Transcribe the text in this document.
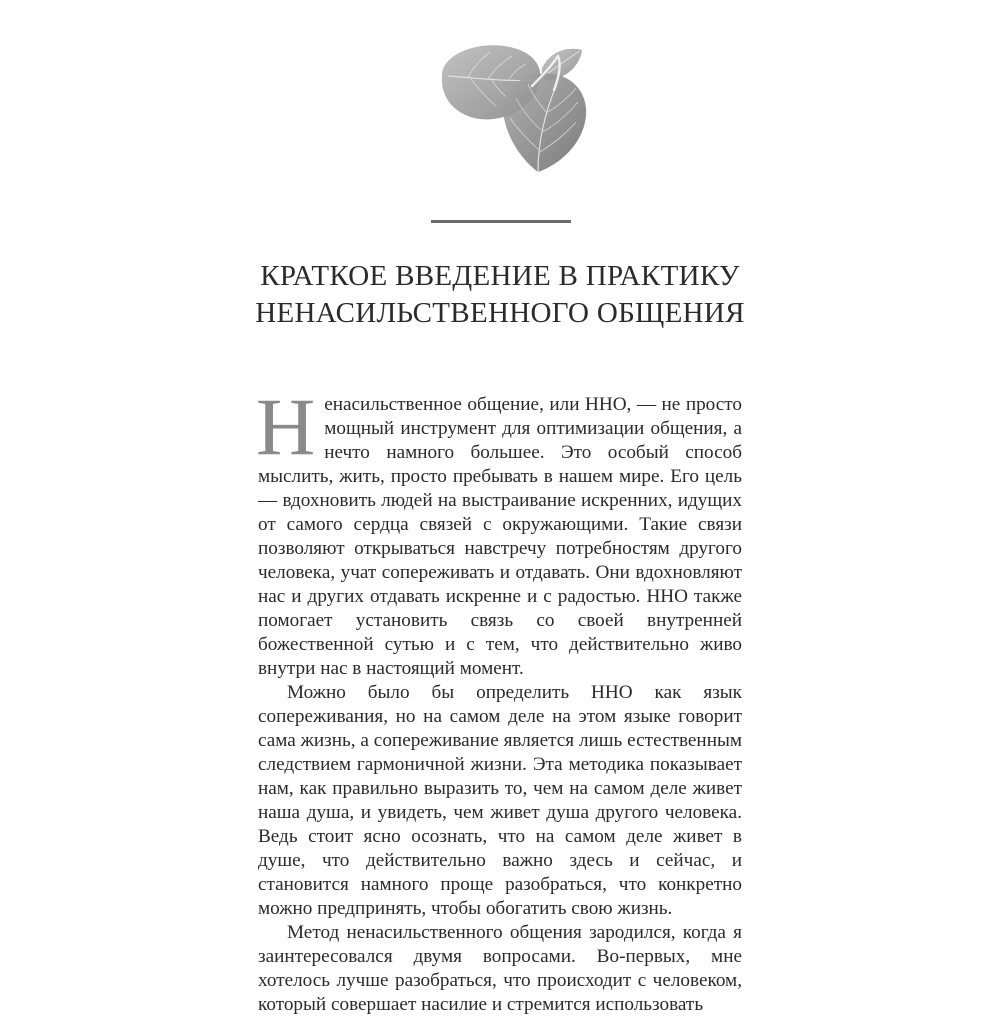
КРАТКОЕ ВВЕДЕНИЕ В ПРАКТИКУ
НЕНАСИЛЬСТВЕННОГО ОБЩЕНИЯ

Ненасильственное общение, или ННО, — не просто мощный инструмент для оптимизации общения, а нечто намного большее. Это особый способ мыслить, жить, просто пребывать в нашем мире. Его цель — вдохновить людей на выстраивание искренних, идущих от самого сердца связей с окружающими. Такие связи позволяют открываться навстречу потребностям другого человека, учат сопереживать и отдавать. Они вдохновляют нас и других отдавать искренне и с радостью. ННО также помогает установить связь со своей внутренней божественной сутью и с тем, что действительно живо внутри нас в настоящий момент.

Можно было бы определить ННО как язык сопереживания, но на самом деле на этом языке говорит сама жизнь, а сопереживание является лишь естественным следствием гармоничной жизни. Эта методика показывает нам, как правильно выразить то, чем на самом деле живет наша душа, и увидеть, чем живет душа другого человека. Ведь стоит ясно осознать, что на самом деле живет в душе, что действительно важно здесь и сейчас, и становится намного проще разобраться, что конкретно можно предпринять, чтобы обогатить свою жизнь.

Метод ненасильственного общения зародился, когда я заинтересовался двумя вопросами. Во-первых, мне хотелось лучше разобраться, что происходит с человеком, который совершает насилие и стремится использовать
